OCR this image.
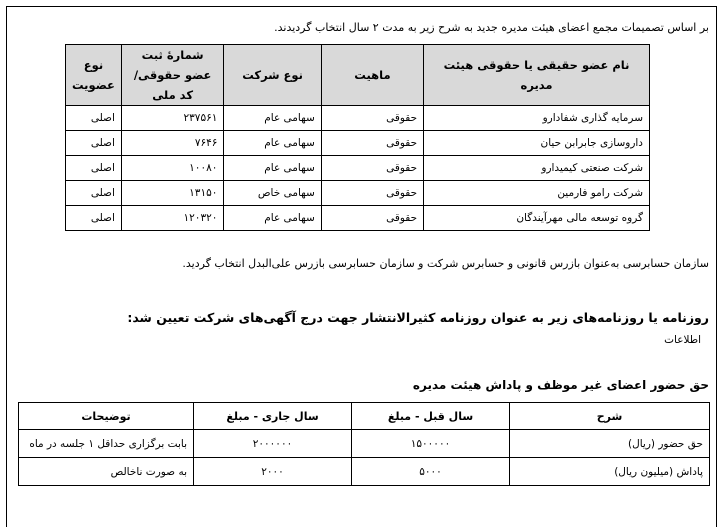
بر اساس تصمیمات مجمع اعضای هیئت مدیره جدید به شرح زیر به مدت ۲ سال انتخاب گردیدند.
نام عضو حقیقی یا حقوقی هیئت مدیره	ماهیت	نوع شرکت	شمارهٔ ثبت عضو حقوقی/کد ملی	نوع عضویت
سرمایه گذاری شفادارو	حقوقی	سهامی عام	۲۳۷۵۶۱	اصلی
داروسازی جابرابن حیان	حقوقی	سهامی عام	۷۶۴۶	اصلی
شرکت صنعتی کیمیدارو	حقوقی	سهامی عام	۱۰۰۸۰	اصلی
شرکت رامو فارمین	حقوقی	سهامی خاص	۱۳۱۵۰	اصلی
گروه توسعه مالی مهرآیندگان	حقوقی	سهامی عام	۱۲۰۳۲۰	اصلی
سازمان حسابرسی به‌عنوان بازرس قانونی و حسابرس شرکت و سازمان حسابرسی بازرس علی‌البدل انتخاب گردید.
روزنامه یا روزنامه‌های زیر به عنوان روزنامه کثیرالانتشار جهت درج آگهی‌های شرکت تعیین شد:
اطلاعات
حق حضور اعضای غیر موظف و پاداش هیئت مدیره
شرح	سال قبل - مبلغ	سال جاری - مبلغ	توضیحات
حق حضور (ریال)	۱۵۰۰۰۰۰	۲۰۰۰۰۰۰	بابت برگزاری حداقل ۱ جلسه در ماه
پاداش (میلیون ریال)	۵۰۰۰	۲۰۰۰	به صورت ناخالص
